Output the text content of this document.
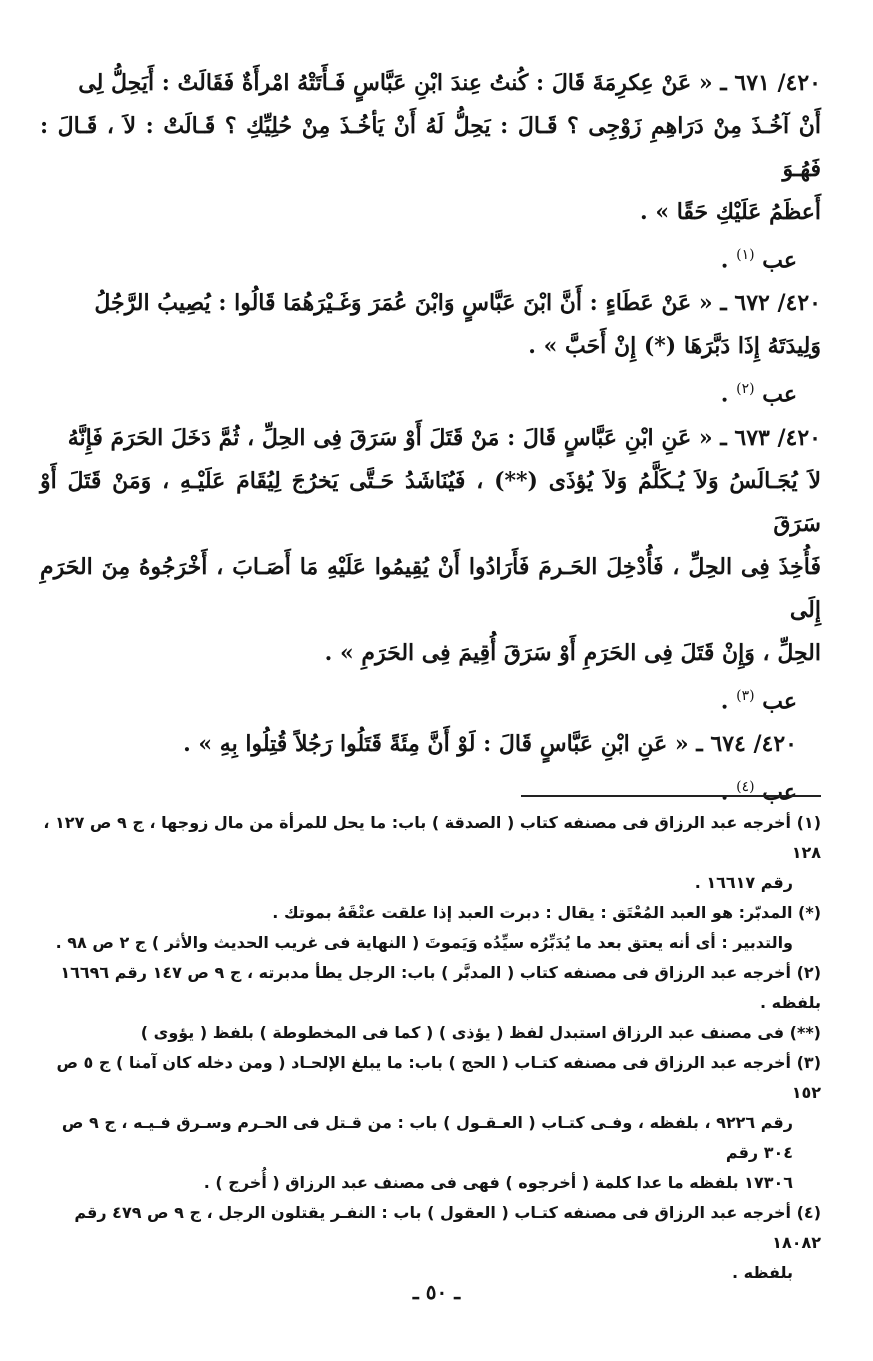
٤٢٠/ ٦٧١ ـ « عَنْ عِكرِمَةَ قَالَ : كُنتُ عِندَ ابْنِ عَبَّاسٍ فَـأَتَتْهُ امْرأَةٌ فَقَالَتْ : أَيَحِلُّ لِى

أَنْ آخُـذَ مِنْ دَرَاهِمِ زَوْجِى ؟ قَـالَ : يَحِلُّ لَهُ أَنْ يَأخُـذَ مِنْ حُلِيِّكِ ؟ قَـالَتْ : لاَ ، قَـالَ : فَهُـوَ

أَعظَمُ عَلَيْكِ حَقًا » .

عب $^{(١)}$ .

٤٢٠/ ٦٧٢ ـ « عَنْ عَطَاءٍ : أَنَّ ابْنَ عَبَّاسٍ وَابْنَ عُمَرَ وَغَـيْرَهُمَا قَالُوا : يُصِيبُ الرَّجُلُ

وَلِيدَتَهُ إِذَا دَبَّرَهَا (*) إِنْ أَحَبَّ » .

عب $^{(٢)}$ .

٤٢٠/ ٦٧٣ ـ « عَنِ ابْنِ عَبَّاسٍ قَالَ : مَنْ قَتَلَ أَوْ سَرَقَ فِى الحِلِّ ، ثُمَّ دَخَلَ الحَرَمَ فَإِنَّهُ

لاَ يُجَـالَسُ وَلاَ يُـكَلَّمُ وَلاَ يُؤذَى (**) ، فَيُنَاشَدُ حَـتَّى يَخرُجَ لِيُقَامَ عَلَيْـهِ ، وَمَنْ قَتَلَ أَوْ سَرَقَ

فَأُخِذَ فِى الحِلِّ ، فَأُدْخِلَ الحَـرمَ فَأَرَادُوا أَنْ يُقِيمُوا عَلَيْهِ مَا أَصَـابَ ، أَخْرَجُوهُ مِنَ الحَرَمِ إِلَى

الحِلِّ ، وَإِنْ قَتَلَ فِى الحَرَمِ أَوْ سَرَقَ أُقِيمَ فِى الحَرَمِ » .

عب $^{(٣)}$ .

٤٢٠/ ٦٧٤ ـ « عَنِ ابْنِ عَبَّاسٍ قَالَ : لَوْ أَنَّ مِئَةً قَتَلُوا رَجُلاً قُتِلُوا بِهِ » .

عب $^{(٤)}$ .

(١) أخرجه عبد الرزاق فى مصنفه كتاب ( الصدقة ) باب: ما يحل للمرأة من مال زوجها ، ج ٩ ص ١٢٧ ، ١٢٨

رقم ١٦٦١٧ .

(*) المدبّر: هو العبد المُعْتَق : يقال : دبرت العبد إذا علقت عتْقَهُ بموتك .

والتدبير : أى أنه يعتق بعد ما يُدَبِّرُه سيِّدُه وَيَموتَ ( النهاية فى غريب الحديث والأثر ) ج ٢ ص ٩٨ .

(٢) أخرجه عبد الرزاق فى مصنفه كتاب ( المدبَّر ) باب: الرجل يطأ مدبرته ، ج ٩ ص ١٤٧ رقم ١٦٦٩٦ بلفظه .

(**) فى مصنف عبد الرزاق استبدل لفظ ( يؤذى ) ( كما فى المخطوطة ) بلفظ ( يؤوى )

(٣) أخرجه عبد الرزاق فى مصنفه كتـاب ( الحج ) باب: ما يبلغ الإلحـاد ( ومن دخله كان آمنا ) ج ٥ ص ١٥٢

رقم ٩٢٢٦ ، بلفظه ، وفـى كتـاب ( العـقـول ) باب : من قـتل فى الحـرم وسـرق فـيـه ، ج ٩ ص ٣٠٤ رقم

١٧٣٠٦ بلفظه ما عدا كلمة ( أخرجوه ) فهى فى مصنف عبد الرزاق ( أُخرج ) .

(٤) أخرجه عبد الرزاق فى مصنفه كتـاب ( العقول ) باب : النفـر يقتلون الرجل ، ج ٩ ص ٤٧٩ رقم ١٨٠٨٢

بلفظه .

ـ ٥٠ ـ
